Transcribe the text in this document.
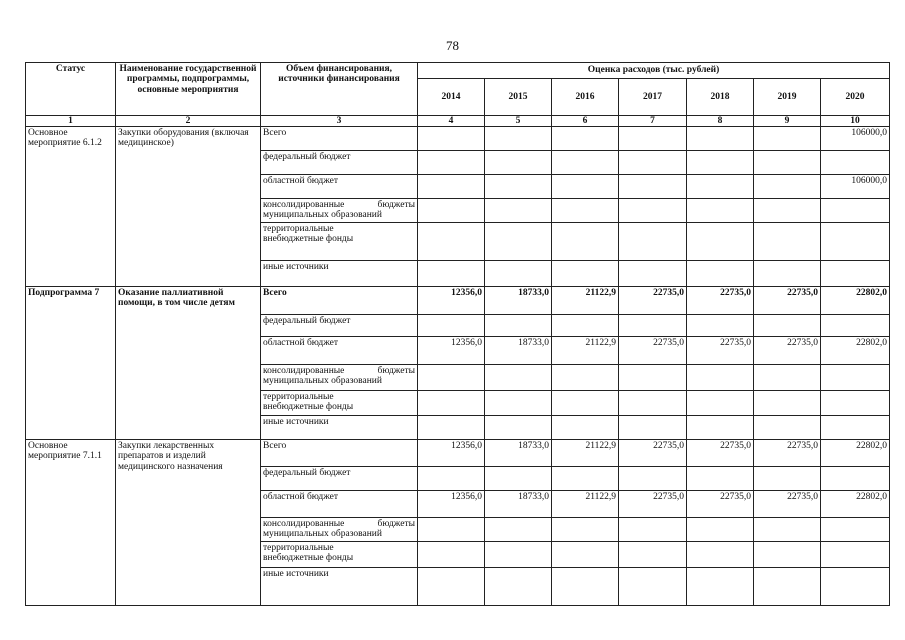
78
Статус	Наименование государственной программы, подпрограммы, основные мероприятия	Объем финансирования, источники финансирования	Оценка расходов (тыс. рублей)						
			2014	2015	2016	2017	2018	2019	2020
1	2	3	4	5	6	7	8	9	10
Основное мероприятие 6.1.2	Закупки оборудования (включая медицинское)	Всего							106000,0
		федеральный бюджет							
		областной бюджет							106000,0

		консолидированные бюджеты
муниципальных образований							

		территориальные
внебюджетные фонды							

		иные источники							
Подпрограмма 7	Оказание паллиативной помощи, в том числе детям	Всего	12356,0	18733,0	21122,9	22735,0	22735,0	22735,0	22802,0
		федеральный бюджет							
		областной бюджет	12356,0	18733,0	21122,9	22735,0	22735,0	22735,0	22802,0

		консолидированные бюджеты
муниципальных образований							

		территориальные
внебюджетные фонды							

		иные источники							
Основное мероприятие 7.1.1	Закупки лекарственных препаратов и изделий медицинского назначения	Всего	12356,0	18733,0	21122,9	22735,0	22735,0	22735,0	22802,0
		федеральный бюджет							
		областной бюджет	12356,0	18733,0	21122,9	22735,0	22735,0	22735,0	22802,0

		консолидированные бюджеты
муниципальных образований							

		территориальные
внебюджетные фонды							

		иные источники							
